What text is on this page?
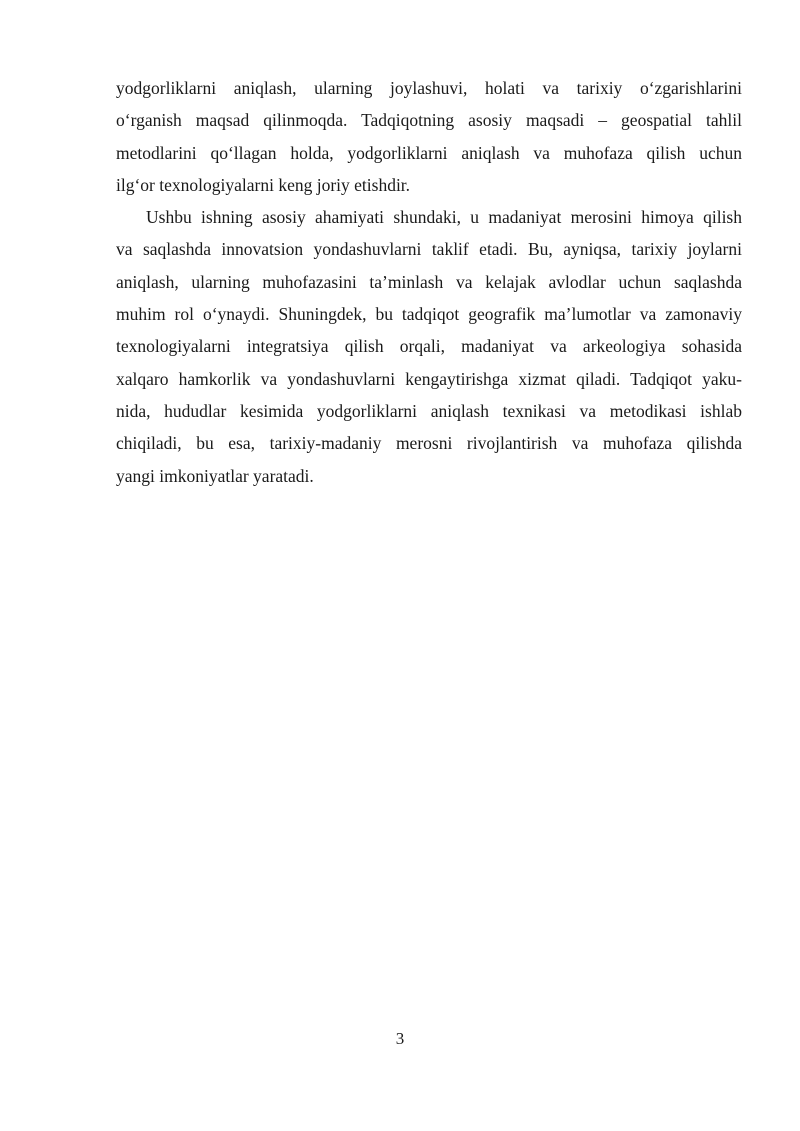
yodgorliklarni aniqlash, ularning joylashuvi, holati va tarixiy o‘zgarishlarini
o‘rganish maqsad qilinmoqda. Tadqiqotning asosiy maqsadi – geospatial tahlil
metodlarini qo‘llagan holda, yodgorliklarni aniqlash va muhofaza qilish uchun
ilg‘or texnologiyalarni keng joriy etishdir.
Ushbu ishning asosiy ahamiyati shundaki, u madaniyat merosini himoya qilish
va saqlashda innovatsion yondashuvlarni taklif etadi. Bu, ayniqsa, tarixiy joylarni
aniqlash, ularning muhofazasini ta’minlash va kelajak avlodlar uchun saqlashda
muhim rol o‘ynaydi. Shuningdek, bu tadqiqot geografik ma’lumotlar va zamonaviy
texnologiyalarni integratsiya qilish orqali, madaniyat va arkeologiya sohasida
xalqaro hamkorlik va yondashuvlarni kengaytirishga xizmat qiladi. Tadqiqot yaku-
nida, hududlar kesimida yodgorliklarni aniqlash texnikasi va metodikasi ishlab
chiqiladi, bu esa, tarixiy-madaniy merosni rivojlantirish va muhofaza qilishda
yangi imkoniyatlar yaratadi.
3
